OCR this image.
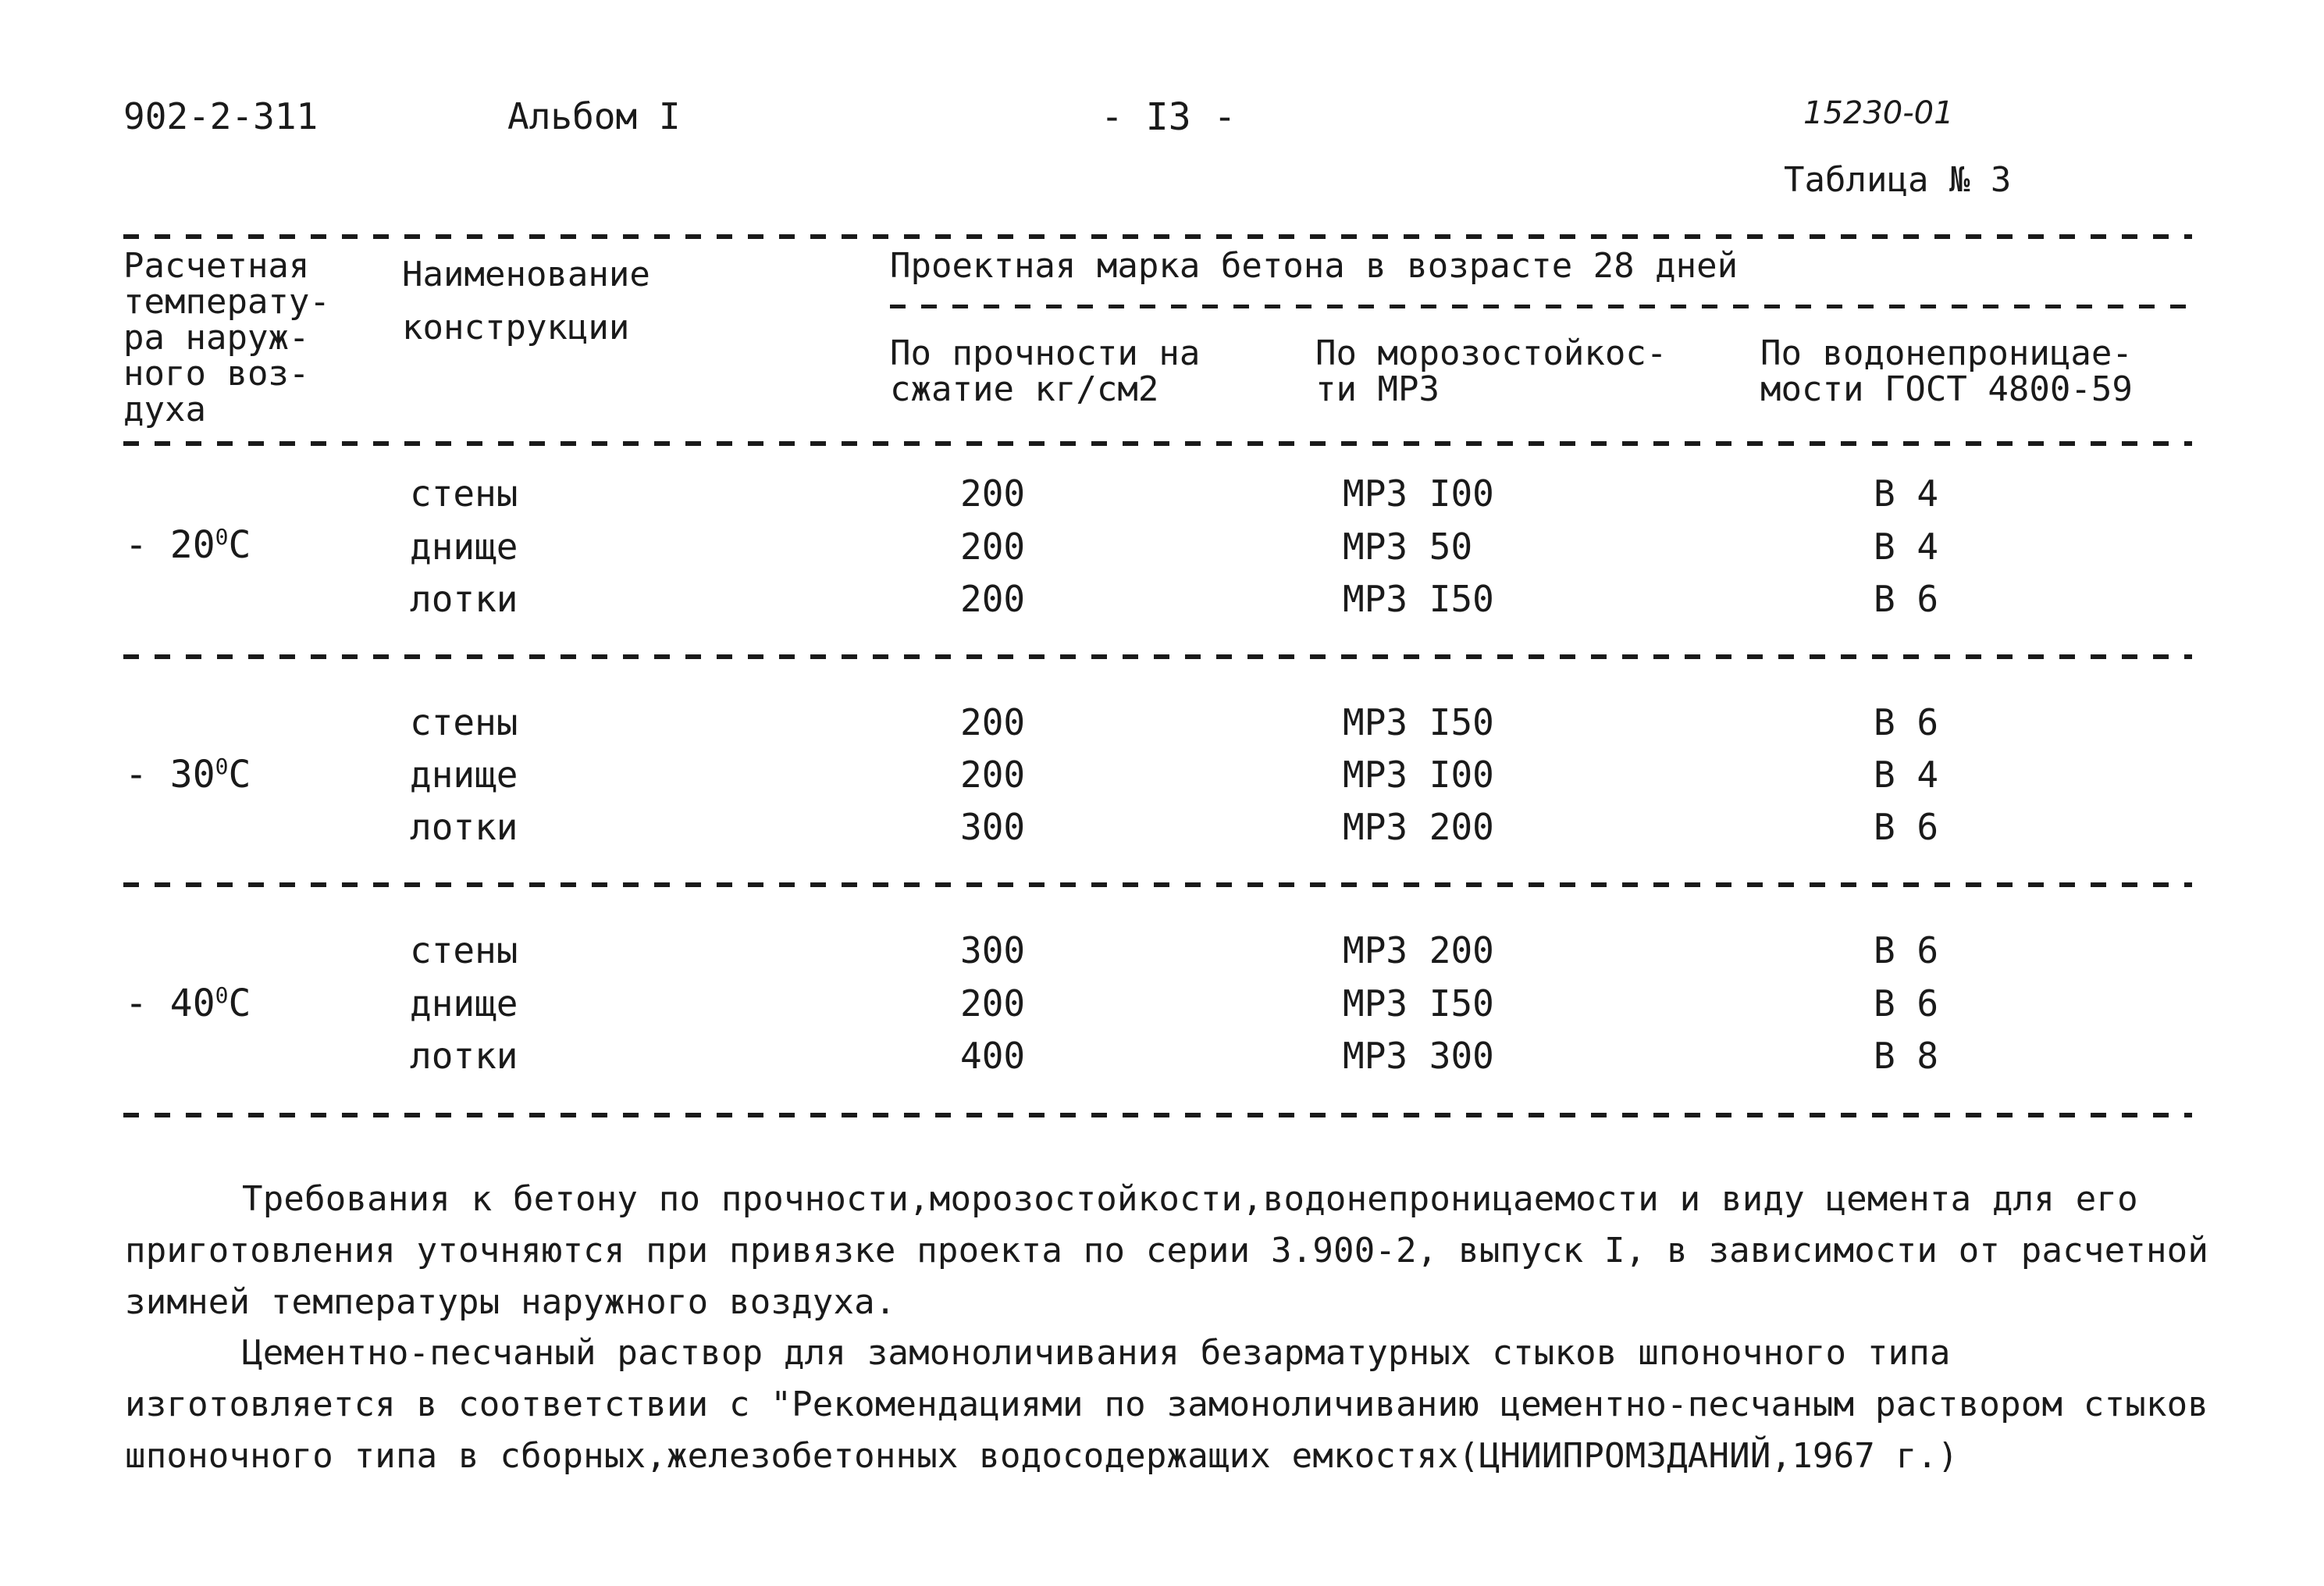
902-2-311	Альбом I	- I3 -	15230-01
Таблица № 3
Расчетная
температу-
ра наруж-
ного воз-
духа
Наименование
конструкции
Проектная марка бетона в возрасте 28 дней
По прочности на
сжатие кг/см2
По морозостойкос-
ти МРЗ
По водонепроницае-
мости ГОСТ 4800-59
- $20^0C$
стены	200	МРЗ I00	В 4
днище	200	МРЗ 50	В 4
лотки	200	МРЗ I50	В 6
- $30^0C$
стены	200	МРЗ I50	В 6
днище	200	МРЗ I00	В 4
лотки	300	МРЗ 200	В 6
- $40^0C$
стены	300	МРЗ 200	В 6
днище	200	МРЗ I50	В 6
лотки	400	МРЗ 300	В 8
Требования к бетону по прочности,морозостойкости,водонепроницаемости и виду цемента для его приготовления уточняются при привязке проекта по серии 3.900-2, выпуск I, в зависимости от расчетной зимней температуры наружного воздуха.
Цементно-песчаный раствор для замоноличивания безарматурных стыков шпоночного типа изготовляется в соответствии с "Рекомендациями по замоноличиванию цементно-песчаным раствором стыков шпоночного типа в сборных,железобетонных водосодержащих емкостях(ЦНИИПРОМЗДАНИЙ,1967 г.)
